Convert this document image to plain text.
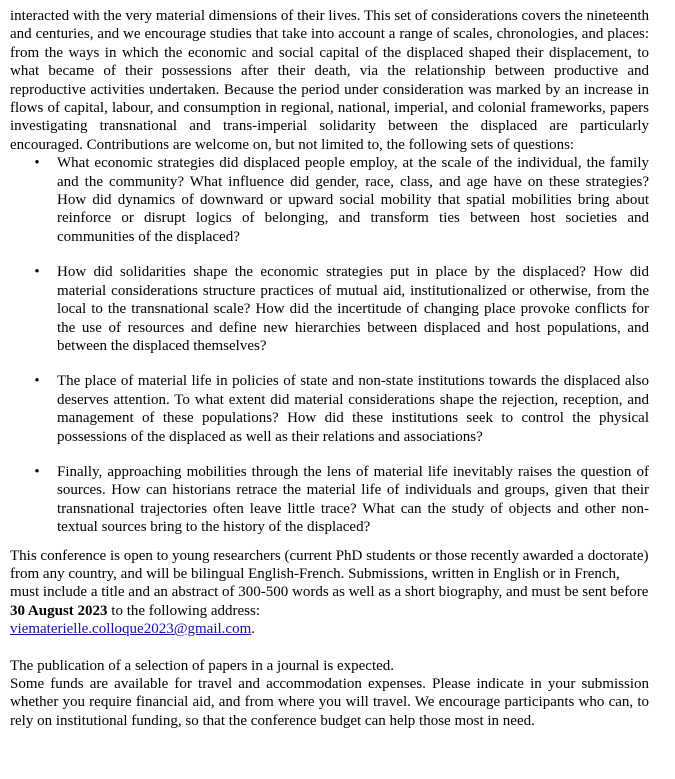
interacted with the very material dimensions of their lives. This set of considerations covers the nineteenth and centuries, and we encourage studies that take into account a range of scales, chronologies, and places: from the ways in which the economic and social capital of the displaced shaped their displacement, to what became of their possessions after their death, via the relationship between productive and reproductive activities undertaken. Because the period under consideration was marked by an increase in flows of capital, labour, and consumption in regional, national, imperial, and colonial frameworks, papers investigating transnational and trans-imperial solidarity between the displaced are particularly encouraged. Contributions are welcome on, but not limited to, the following sets of questions:

• What economic strategies did displaced people employ, at the scale of the individual, the family and the community? What influence did gender, race, class, and age have on these strategies? How did dynamics of downward or upward social mobility that spatial mobilities bring about reinforce or disrupt logics of belonging, and transform ties between host societies and communities of the displaced?
• How did solidarities shape the economic strategies put in place by the displaced? How did material considerations structure practices of mutual aid, institutionalized or otherwise, from the local to the transnational scale? How did the incertitude of changing place provoke conflicts for the use of resources and define new hierarchies between displaced and host populations, and between the displaced themselves?
• The place of material life in policies of state and non-state institutions towards the displaced also deserves attention. To what extent did material considerations shape the rejection, reception, and management of these populations? How did these institutions seek to control the physical possessions of the displaced as well as their relations and associations?
• Finally, approaching mobilities through the lens of material life inevitably raises the question of sources. How can historians retrace the material life of individuals and groups, given that their transnational trajectories often leave little trace? What can the study of objects and other non-textual sources bring to the history of the displaced?

This conference is open to young researchers (current PhD students or those recently awarded a doctorate) from any country, and will be bilingual English-French. Submissions, written in English or in French, must include a title and an abstract of 300-500 words as well as a short biography, and must be sent before 30 August 2023 to the following address:
viematerielle.colloque2023@gmail.com.

The publication of a selection of papers in a journal is expected.

Some funds are available for travel and accommodation expenses. Please indicate in your submission whether you require financial aid, and from where you will travel. We encourage participants who can, to rely on institutional funding, so that the conference budget can help those most in need.
